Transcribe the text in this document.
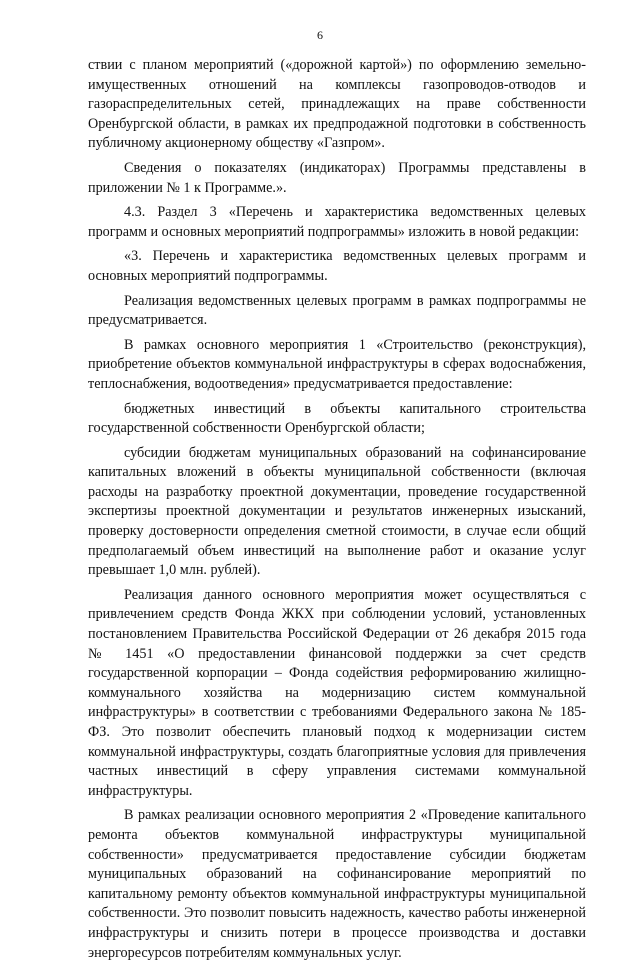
6

ствии с планом мероприятий («дорожной картой») по оформлению земельно-имущественных отношений на комплексы газопроводов-отводов и газораспределительных сетей, принадлежащих на праве собственности Оренбургской области, в рамках их предпродажной подготовки в собственность публичному акционерному обществу «Газпром».

Сведения о показателях (индикаторах) Программы представлены в приложении № 1 к Программе.».

4.3. Раздел 3 «Перечень и характеристика ведомственных целевых программ и основных мероприятий подпрограммы» изложить в новой редакции:

«3. Перечень и характеристика ведомственных целевых программ и основных мероприятий подпрограммы.

Реализация ведомственных целевых программ в рамках подпрограммы не предусматривается.

В рамках основного мероприятия 1 «Строительство (реконструкция), приобретение объектов коммунальной инфраструктуры в сферах водоснабжения, теплоснабжения, водоотведения» предусматривается предоставление:

бюджетных инвестиций в объекты капитального строительства государственной собственности Оренбургской области;

субсидии бюджетам муниципальных образований на софинансирование капитальных вложений в объекты муниципальной собственности (включая расходы на разработку проектной документации, проведение государственной экспертизы проектной документации и результатов инженерных изысканий, проверку достоверности определения сметной стоимости, в случае если общий предполагаемый объем инвестиций на выполнение работ и оказание услуг превышает 1,0 млн. рублей).

Реализация данного основного мероприятия может осуществляться с привлечением средств Фонда ЖКХ при соблюдении условий, установленных постановлением Правительства Российской Федерации от 26 декабря 2015 года № 1451 «О предоставлении финансовой поддержки за счет средств государственной корпорации – Фонда содействия реформированию жилищно-коммунального хозяйства на модернизацию систем коммунальной инфраструктуры» в соответствии с требованиями Федерального закона № 185-ФЗ. Это позволит обеспечить плановый подход к модернизации систем коммунальной инфраструктуры, создать благоприятные условия для привлечения частных инвестиций в сферу управления системами коммунальной инфраструктуры.

В рамках реализации основного мероприятия 2 «Проведение капитального ремонта объектов коммунальной инфраструктуры муниципальной собственности» предусматривается предоставление субсидии бюджетам муниципальных образований на софинансирование мероприятий по капитальному ремонту объектов коммунальной инфраструктуры муниципальной собственности. Это позволит повысить надежность, качество работы инженерной инфраструктуры и снизить потери в процессе производства и доставки энергоресурсов потребителям коммунальных услуг.
